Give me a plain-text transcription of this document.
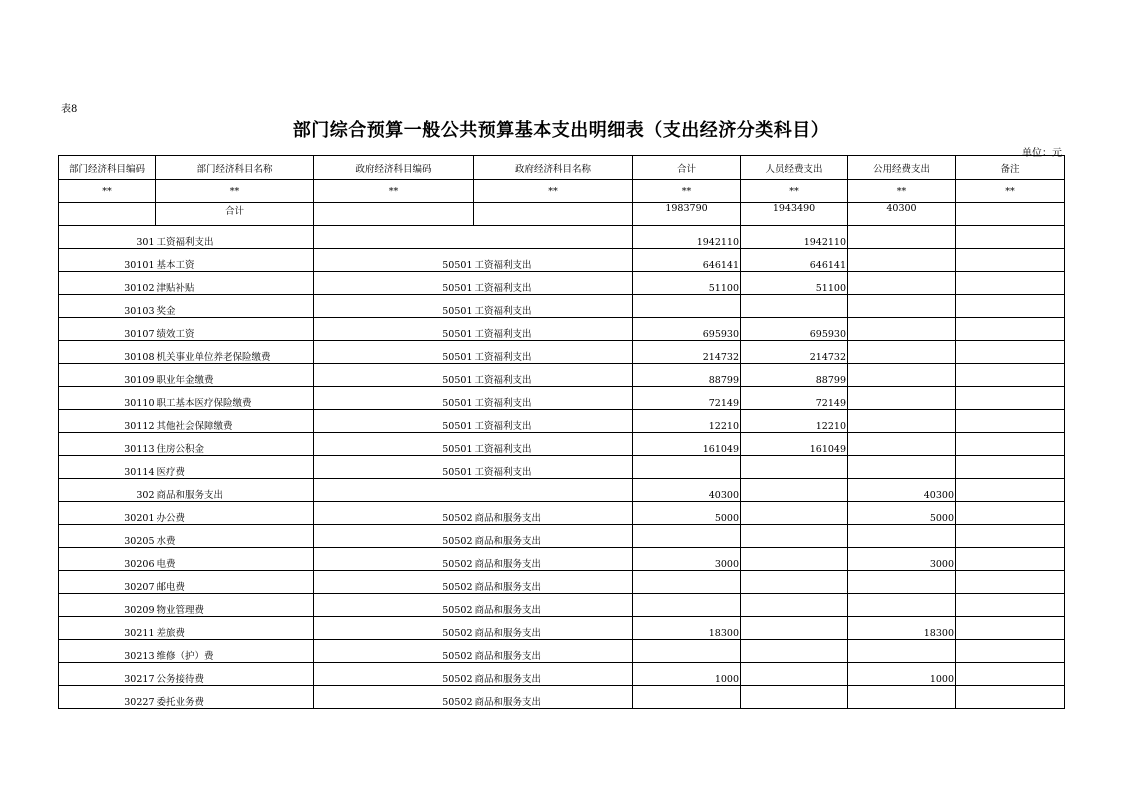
表8
部门综合预算一般公共预算基本支出明细表（支出经济分类科目）
单位：元
部门经济科目编码	部门经济科目名称	政府经济科目编码	政府经济科目名称	合计	人员经费支出	公用经费支出	备注
**	**	**	**	**	**	**	**
	合计			1983790	1943490	40300	
301	工资福利支出			1942110	1942110		
30101	基本工资	50501	工资福利支出	646141	646141		
30102	津贴补贴	50501	工资福利支出	51100	51100		
30103	奖金	50501	工资福利支出				
30107	绩效工资	50501	工资福利支出	695930	695930		
30108	机关事业单位养老保险缴费	50501	工资福利支出	214732	214732		
30109	职业年金缴费	50501	工资福利支出	88799	88799		
30110	职工基本医疗保险缴费	50501	工资福利支出	72149	72149		
30112	其他社会保障缴费	50501	工资福利支出	12210	12210		
30113	住房公积金	50501	工资福利支出	161049	161049		
30114	医疗费	50501	工资福利支出				
302	商品和服务支出			40300		40300	
30201	办公费	50502	商品和服务支出	5000		5000	
30205	水费	50502	商品和服务支出				
30206	电费	50502	商品和服务支出	3000		3000	
30207	邮电费	50502	商品和服务支出				
30209	物业管理费	50502	商品和服务支出				
30211	差旅费	50502	商品和服务支出	18300		18300	
30213	维修（护）费	50502	商品和服务支出				
30217	公务接待费	50502	商品和服务支出	1000		1000	
30227	委托业务费	50502	商品和服务支出				
